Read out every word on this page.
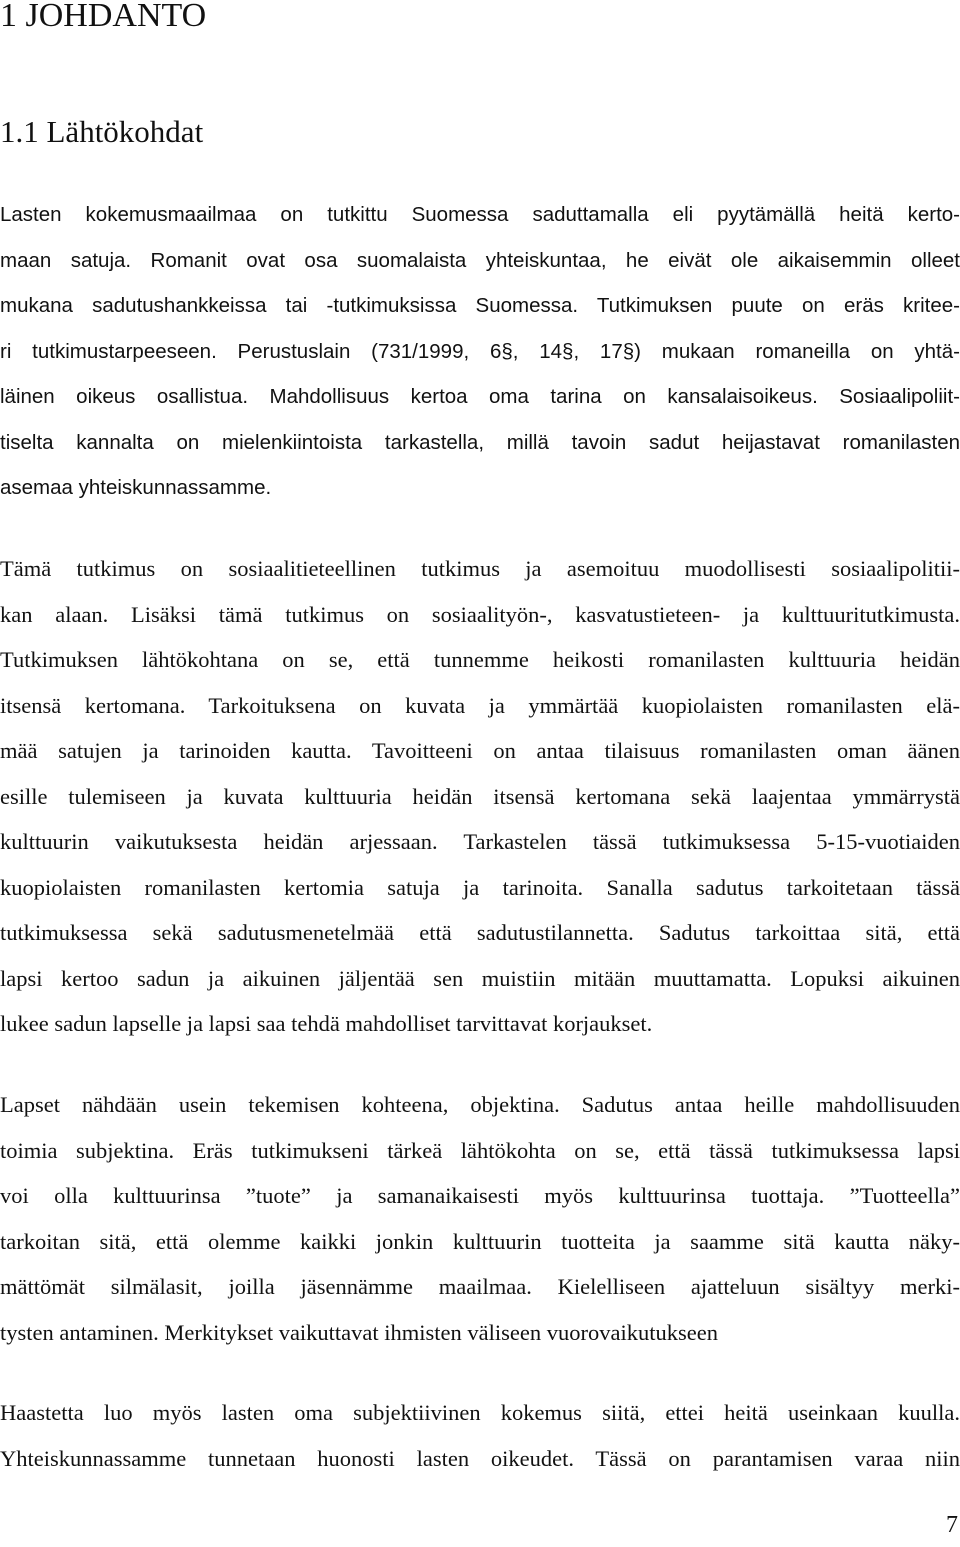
1 JOHDANTO
1.1 Lähtökohdat
Lasten kokemusmaailmaa on tutkittu Suomessa saduttamalla eli pyytämällä heitä kerto-
maan satuja. Romanit ovat osa suomalaista yhteiskuntaa, he eivät ole aikaisemmin olleet
mukana sadutushankkeissa tai -tutkimuksissa Suomessa. Tutkimuksen puute on eräs kritee-
ri tutkimustarpeeseen. Perustuslain (731/1999, 6§, 14§, 17§) mukaan romaneilla on yhtä-
läinen oikeus osallistua. Mahdollisuus kertoa oma tarina on kansalaisoikeus. Sosiaalipoliit-
tiselta kannalta on mielenkiintoista tarkastella, millä tavoin sadut heijastavat romanilasten
asemaa yhteiskunnassamme.
Tämä tutkimus on sosiaalitieteellinen tutkimus ja asemoituu muodollisesti sosiaalipolitii-
kan alaan. Lisäksi tämä tutkimus on sosiaalityön-, kasvatustieteen- ja kulttuuritutkimusta.
Tutkimuksen lähtökohtana on se, että tunnemme heikosti romanilasten kulttuuria heidän
itsensä kertomana. Tarkoituksena on kuvata ja ymmärtää kuopiolaisten romanilasten elä-
mää satujen ja tarinoiden kautta. Tavoitteeni on antaa tilaisuus romanilasten oman äänen
esille tulemiseen ja kuvata kulttuuria heidän itsensä kertomana sekä laajentaa ymmärrystä
kulttuurin vaikutuksesta heidän arjessaan. Tarkastelen tässä tutkimuksessa 5-15-vuotiaiden
kuopiolaisten romanilasten kertomia satuja ja tarinoita. Sanalla sadutus tarkoitetaan tässä
tutkimuksessa sekä sadutusmenetelmää että sadutustilannetta. Sadutus tarkoittaa sitä, että
lapsi kertoo sadun ja aikuinen jäljentää sen muistiin mitään muuttamatta. Lopuksi aikuinen
lukee sadun lapselle ja lapsi saa tehdä mahdolliset tarvittavat korjaukset.
Lapset nähdään usein tekemisen kohteena, objektina. Sadutus antaa heille mahdollisuuden
toimia subjektina. Eräs tutkimukseni tärkeä lähtökohta on se, että tässä tutkimuksessa lapsi
voi olla kulttuurinsa ”tuote” ja samanaikaisesti myös kulttuurinsa tuottaja. ”Tuotteella”
tarkoitan sitä, että olemme kaikki jonkin kulttuurin tuotteita ja saamme sitä kautta näky-
mättömät silmälasit, joilla jäsennämme maailmaa. Kielelliseen ajatteluun sisältyy merki-
tysten antaminen. Merkitykset vaikuttavat ihmisten väliseen vuorovaikutukseen
Haastetta luo myös lasten oma subjektiivinen kokemus siitä, ettei heitä useinkaan kuulla.
Yhteiskunnassamme tunnetaan huonosti lasten oikeudet. Tässä on parantamisen varaa niin
7
